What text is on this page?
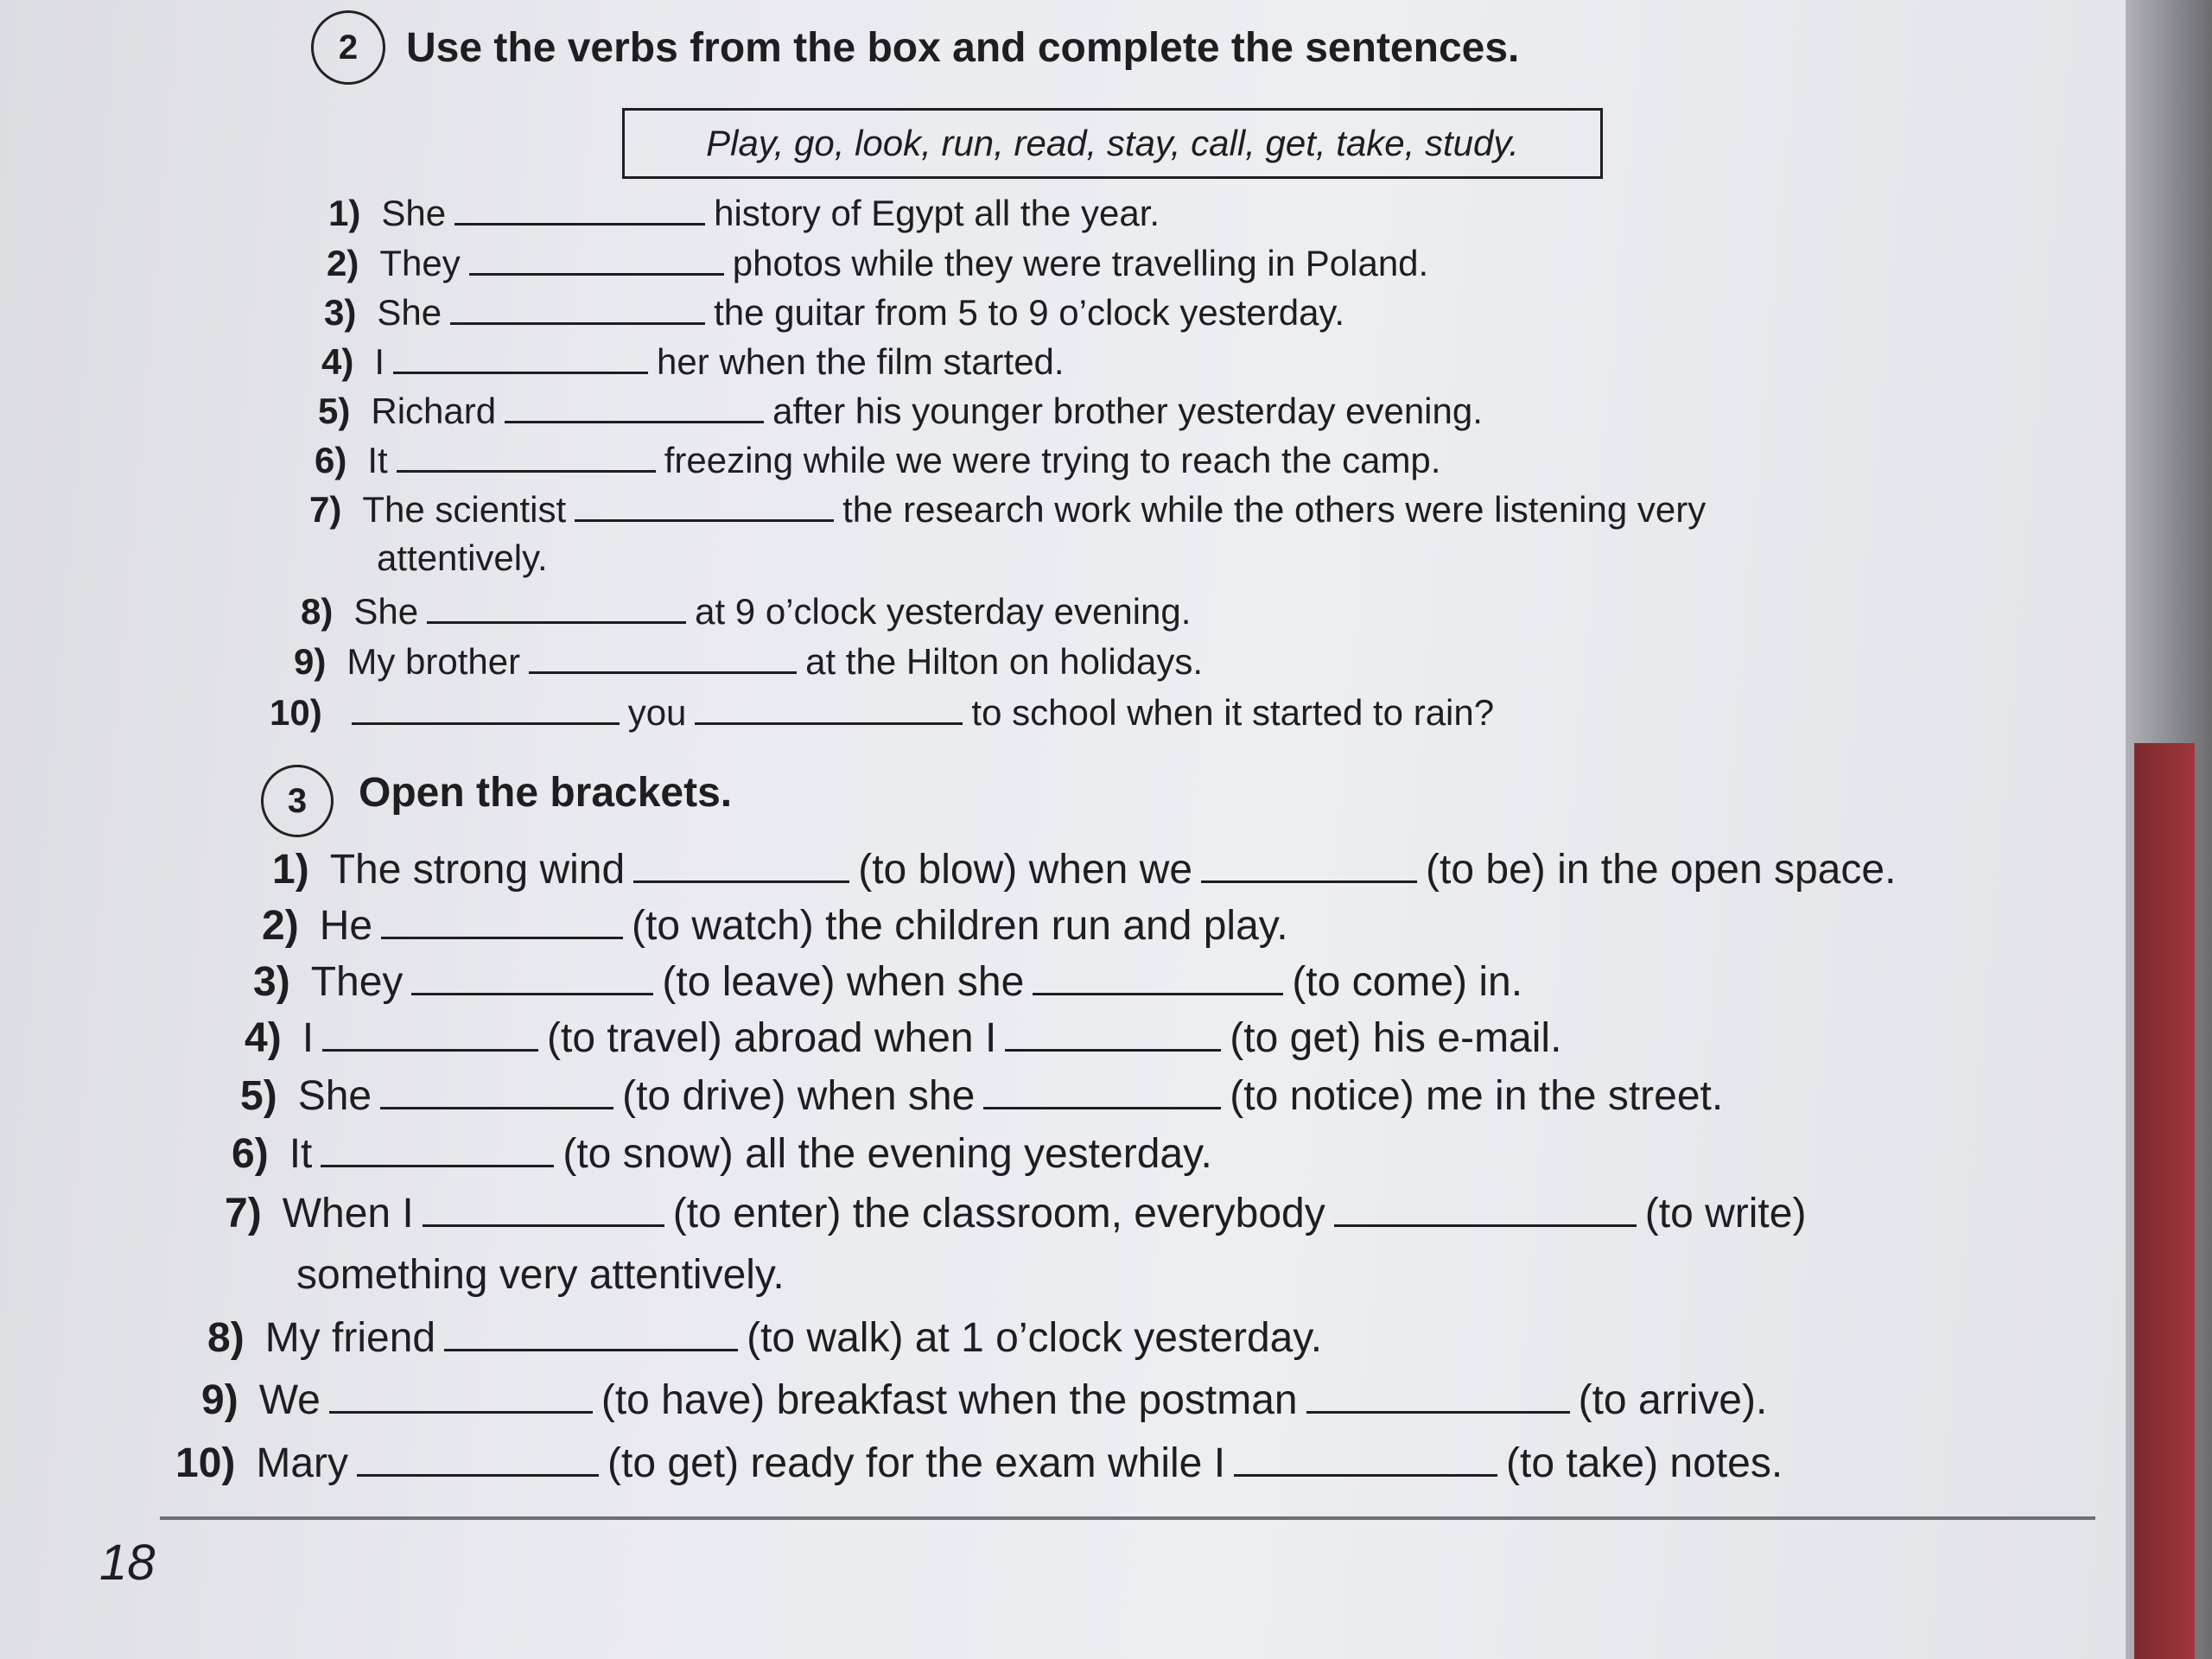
2	Use the verbs from the box and complete the sentences.
Play, go, look, run, read, stay, call, get, take, study.
1) She	history of Egypt all the year.
2) They	photos while they were travelling in Poland.
3) She	the guitar from 5 to 9 o’clock yesterday.
4) I	her when the film started.
5) Richard	after his younger brother yesterday evening.
6) It	freezing while we were trying to reach the camp.
7) The scientist	the research work while the others were listening very
attentively.
8) She	at 9 o’clock yesterday evening.
9) My brother	at the Hilton on holidays.
10)	you	to school when it started to rain?
3	Open the brackets.
1) The strong wind	(to blow) when we	(to be) in the open space.
2) He	(to watch) the children run and play.
3) They	(to leave) when she	(to come) in.
4) I	(to travel) abroad when I	(to get) his e-mail.
5) She	(to drive) when she	(to notice) me in the street.
6) It	(to snow) all the evening yesterday.
7) When I	(to enter) the classroom, everybody	(to write)
something very attentively.
8) My friend	(to walk) at 1 o’clock yesterday.
9) We	(to have) breakfast when the postman	(to arrive).
10) Mary	(to get) ready for the exam while I	(to take) notes.
18
